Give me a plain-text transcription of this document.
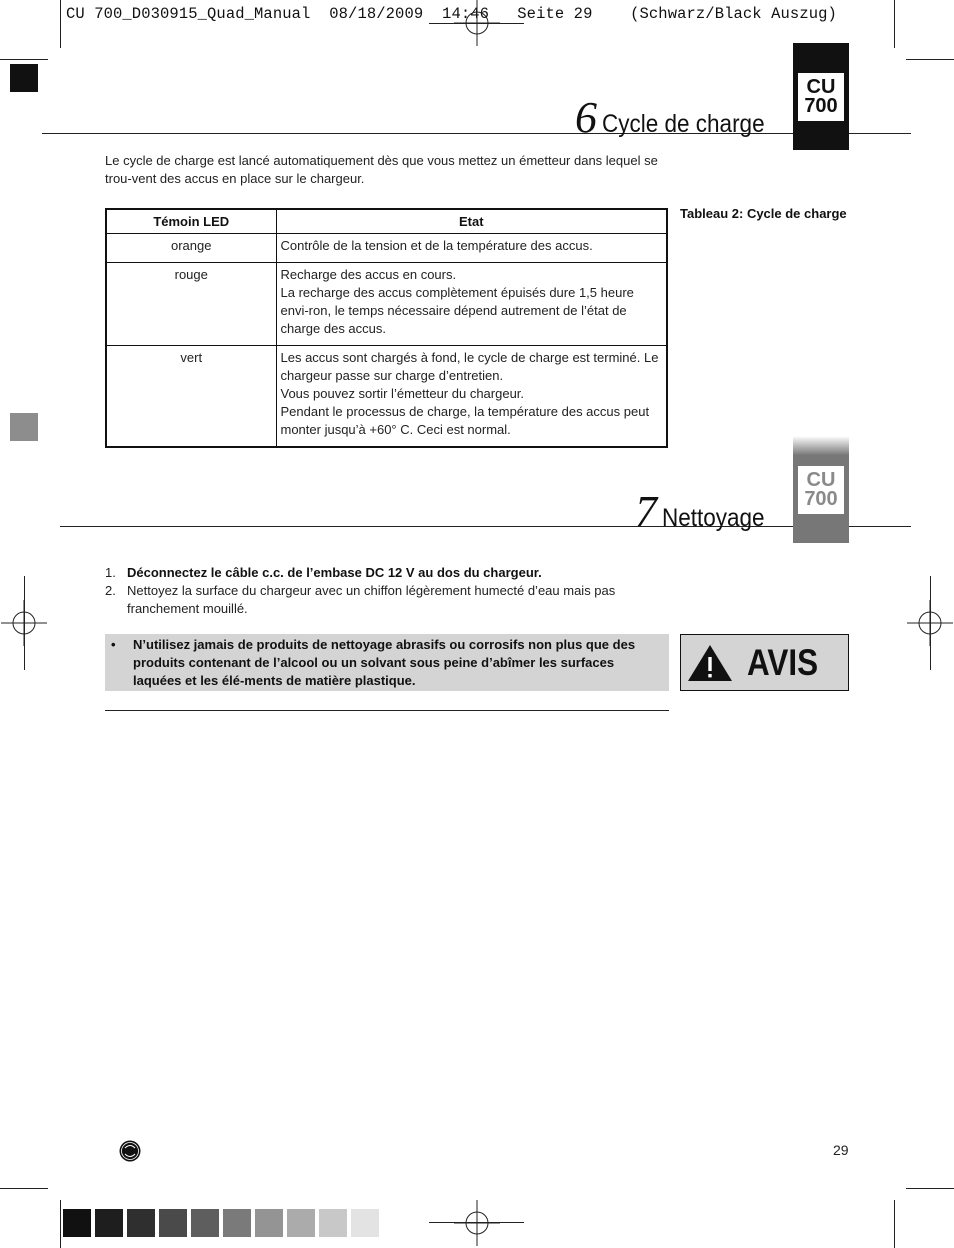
CU 700_D030915_Quad_Manual  08/18/2009  14:46   Seite 29    (Schwarz/Black Auszug)
6 Cycle de charge
CU
700

Le cycle de charge est lancé automatiquement dès que vous mettez un émetteur dans lequel se trou-vent des accus en place sur le chargeur.

Tableau 2: Cycle de charge
Témoin LED	Etat
orange	Contrôle de la tension et de la température des accus.

rouge	Recharge des accus en cours.
La recharge des accus complètement épuisés dure 1,5 heure envi-ron, le temps nécessaire dépend autrement de l’état de charge des accus.

vert	Les accus sont chargés à fond, le cycle de charge est terminé. Le chargeur passe sur charge d’entretien.
Vous pouvez sortir l’émetteur du chargeur.
Pendant le processus de charge, la température des accus peut monter jusqu’à +60° C. Ceci est normal.
7 Nettoyage
CU
700
1. Déconnectez le câble c.c. de l’embase DC 12 V au dos du chargeur.
2. Nettoyez la surface du chargeur avec un chiffon légèrement humecté d’eau mais pas franchement mouillé.
•	N’utilisez jamais de produits de nettoyage abrasifs ou corrosifs non plus que des produits contenant de l’alcool ou un solvant sous peine d’abîmer les surfaces laquées et les élé-ments de matière plastique.	AVIS
29
